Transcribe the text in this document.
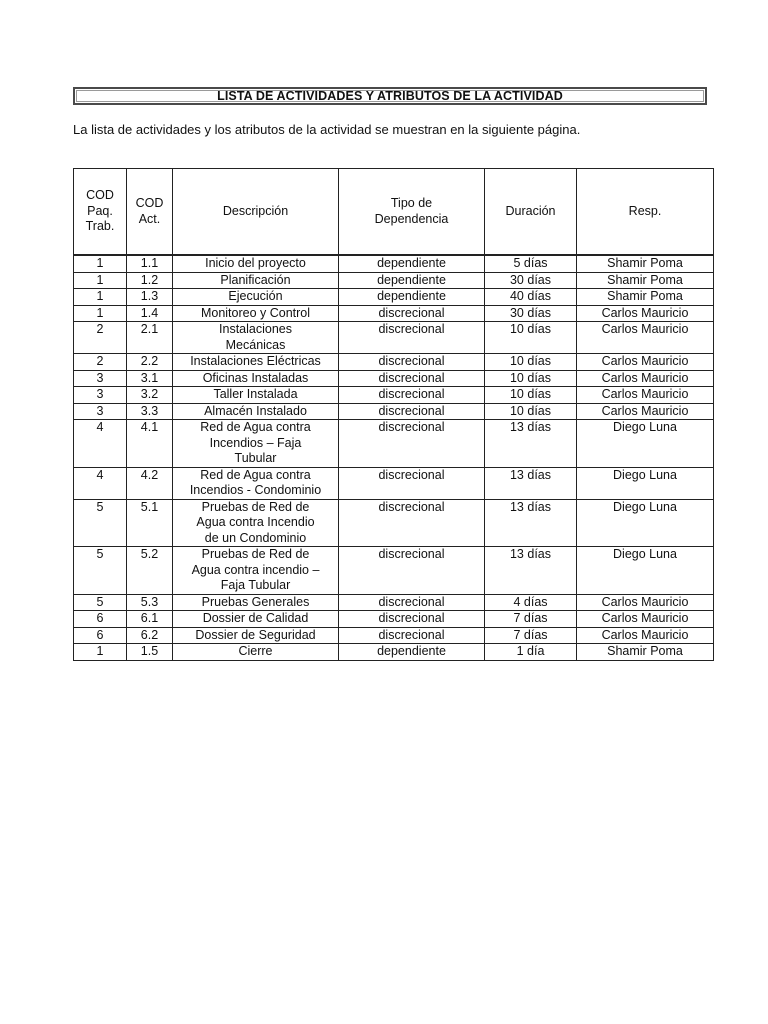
LISTA DE ACTIVIDADES Y ATRIBUTOS DE LA ACTIVIDAD
La lista de actividades y los atributos de la actividad se muestran en la siguiente página.
COD
Paq.
Trab.	COD
Act.	Descripción	Tipo de
Dependencia	Duración	Resp.
1	1.1	Inicio del proyecto	dependiente	5 días	Shamir Poma
1	1.2	Planificación	dependiente	30 días	Shamir Poma
1	1.3	Ejecución	dependiente	40 días	Shamir Poma
1	1.4	Monitoreo y Control	discrecional	30 días	Carlos Mauricio
2	2.1	Instalaciones
Mecánicas	discrecional	10 días	Carlos Mauricio
2	2.2	Instalaciones Eléctricas	discrecional	10 días	Carlos Mauricio
3	3.1	Oficinas Instaladas	discrecional	10 días	Carlos Mauricio
3	3.2	Taller Instalada	discrecional	10 días	Carlos Mauricio
3	3.3	Almacén Instalado	discrecional	10 días	Carlos Mauricio
4	4.1	Red de Agua contra
Incendios – Faja
Tubular	discrecional	13 días	Diego Luna
4	4.2	Red de Agua contra
Incendios - Condominio	discrecional	13 días	Diego Luna
5	5.1	Pruebas de Red de
Agua contra Incendio
de un Condominio	discrecional	13 días	Diego Luna
5	5.2	Pruebas de Red de
Agua contra incendio –
Faja Tubular	discrecional	13 días	Diego Luna
5	5.3	Pruebas Generales	discrecional	4 días	Carlos Mauricio
6	6.1	Dossier de Calidad	discrecional	7 días	Carlos Mauricio
6	6.2	Dossier de Seguridad	discrecional	7 días	Carlos Mauricio
1	1.5	Cierre	dependiente	1 día	Shamir Poma
